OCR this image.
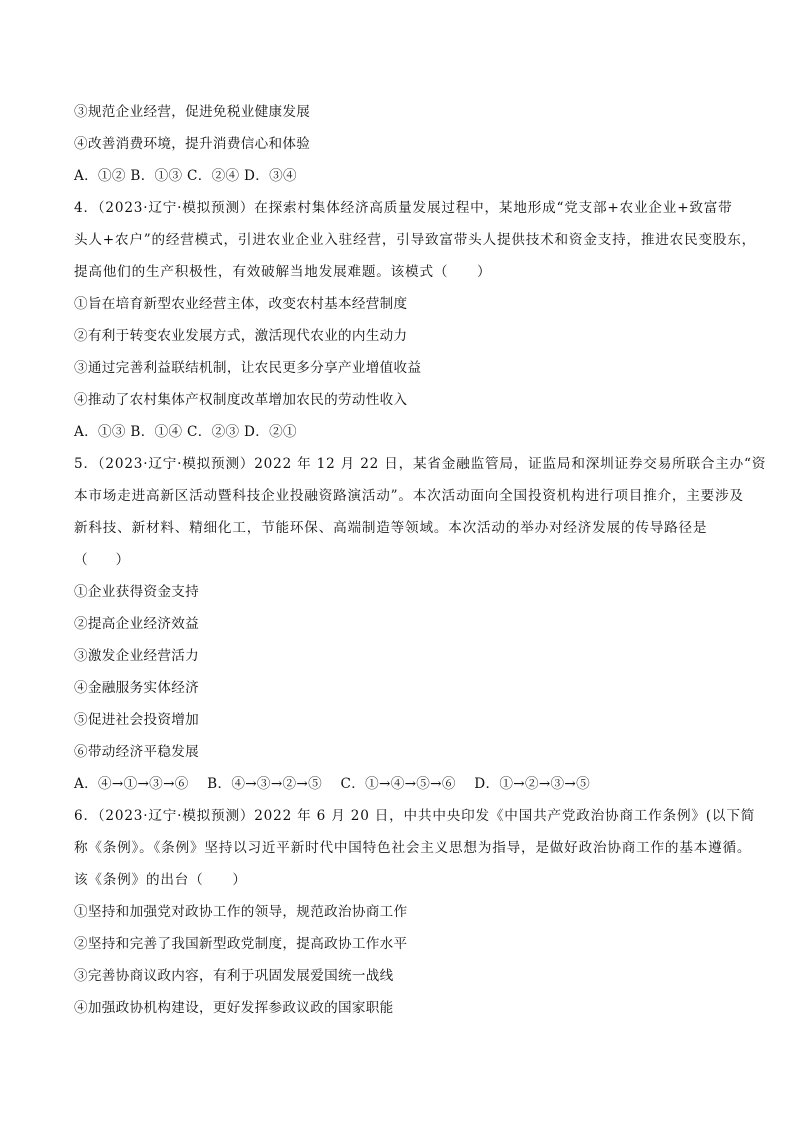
③规范企业经营，促进免税业健康发展
④改善消费环境，提升消费信心和体验
A．①② B．①③ C．②④ D．③④
4．（2023·辽宁·模拟预测）在探索村集体经济高质量发展过程中，某地形成“党支部+农业企业+致富带
头人+农户”的经营模式，引进农业企业入驻经营，引导致富带头人提供技术和资金支持，推进农民变股东，
提高他们的生产积极性，有效破解当地发展难题。该模式（　　）
①旨在培育新型农业经营主体，改变农村基本经营制度
②有利于转变农业发展方式，激活现代农业的内生动力
③通过完善利益联结机制，让农民更多分享产业增值收益
④推动了农村集体产权制度改革增加农民的劳动性收入
A．①③ B．①④ C．②③ D．②①
5．（2023·辽宁·模拟预测）2022 年 12 月 22 日，某省金融监管局，证监局和深圳证券交易所联合主办“资
本市场走进高新区活动暨科技企业投融资路演活动”。本次活动面向全国投资机构进行项目推介，主要涉及
新科技、新材料、精细化工，节能环保、高端制造等领域。本次活动的举办对经济发展的传导路径是
（　　）
①企业获得资金支持
②提高企业经济效益
③激发企业经营活力
④金融服务实体经济
⑤促进社会投资增加
⑥带动经济平稳发展
A．④→①→③→⑥　 B．④→③→②→⑤　 C．①→④→⑤→⑥　 D．①→②→③→⑤
6．（2023·辽宁·模拟预测）2022 年 6 月 20 日，中共中央印发《中国共产党政治协商工作条例》(以下简
称《条例》。《条例》坚持以习近平新时代中国特色社会主义思想为指导，是做好政治协商工作的基本遵循。
该《条例》的出台（　　）
①坚持和加强党对政协工作的领导，规范政治协商工作
②坚持和完善了我国新型政党制度，提高政协工作水平
③完善协商议政内容，有利于巩固发展爱国统一战线
④加强政协机构建设，更好发挥参政议政的国家职能
